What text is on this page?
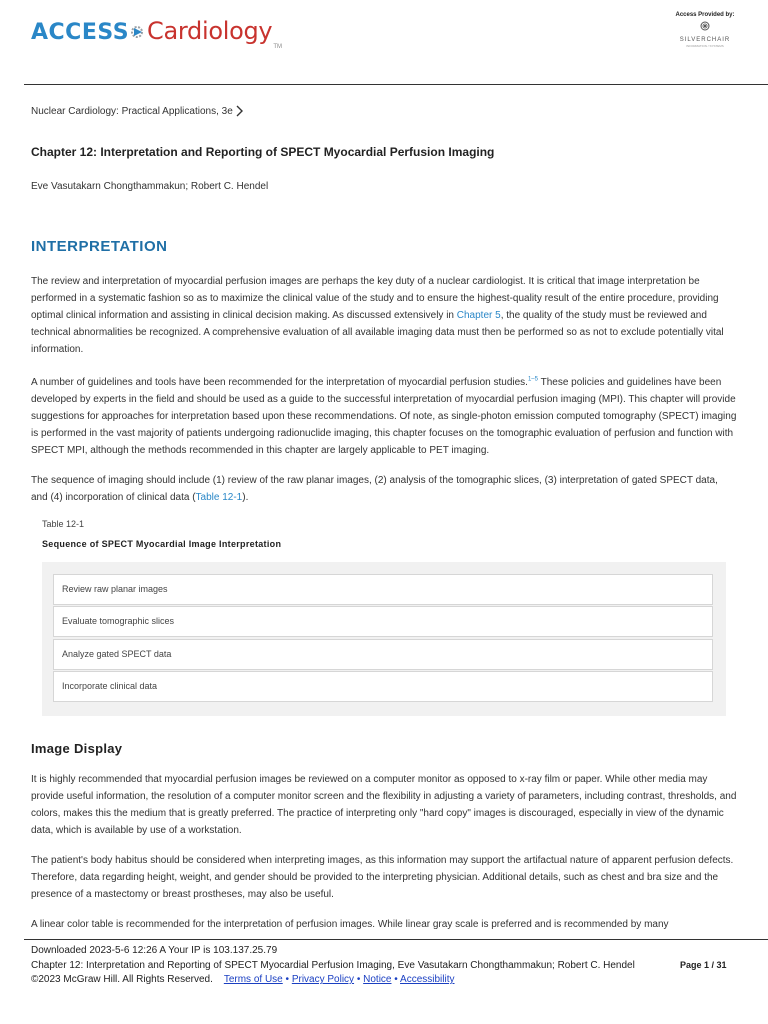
ACCESS Cardiology
TM
Access Provided by:
SILVERCHAIR
INFORMATION / SYSTEMS
Nuclear Cardiology: Practical Applications, 3e
Chapter 12: Interpretation and Reporting of SPECT Myocardial Perfusion Imaging
Eve Vasutakarn Chongthammakun; Robert C. Hendel
INTERPRETATION

The review and interpretation of myocardial perfusion images are perhaps the key duty of a nuclear cardiologist. It is critical that image interpretation be performed in a systematic fashion so as to maximize the clinical value of the study and to ensure the highest-quality result of the entire procedure, providing optimal clinical information and assisting in clinical decision making. As discussed extensively in Chapter 5, the quality of the study must be reviewed and technical abnormalities be recognized. A comprehensive evaluation of all available imaging data must then be performed so as not to exclude potentially vital information.

A number of guidelines and tools have been recommended for the interpretation of myocardial perfusion studies.$^{1-5}$ These policies and guidelines have been developed by experts in the field and should be used as a guide to the successful interpretation of myocardial perfusion imaging (MPI). This chapter will provide suggestions for approaches for interpretation based upon these recommendations. Of note, as single-photon emission computed tomography (SPECT) imaging is performed in the vast majority of patients undergoing radionuclide imaging, this chapter focuses on the tomographic evaluation of perfusion and function with SPECT MPI, although the methods recommended in this chapter are largely applicable to PET imaging.

The sequence of imaging should include (1) review of the raw planar images, (2) analysis of the tomographic slices, (3) interpretation of gated SPECT data, and (4) incorporation of clinical data (Table 12-1).

Table 12-1
Sequence of SPECT Myocardial Image Interpretation
Review raw planar images
Evaluate tomographic slices
Analyze gated SPECT data
Incorporate clinical data
Image Display

It is highly recommended that myocardial perfusion images be reviewed on a computer monitor as opposed to x-ray film or paper. While other media may provide useful information, the resolution of a computer monitor screen and the flexibility in adjusting a variety of parameters, including contrast, thresholds, and colors, makes this the medium that is greatly preferred. The practice of interpreting only "hard copy" images is discouraged, especially in view of the dynamic data, which is available by use of a workstation.

The patient's body habitus should be considered when interpreting images, as this information may support the artifactual nature of apparent perfusion defects. Therefore, data regarding height, weight, and gender should be provided to the interpreting physician. Additional details, such as chest and bra size and the presence of a mastectomy or breast prostheses, may also be useful.

A linear color table is recommended for the interpretation of perfusion images. While linear gray scale is preferred and is recommended by many

Downloaded 2023-5-6 12:26 A Your IP is 103.137.25.79
Chapter 12: Interpretation and Reporting of SPECT Myocardial Perfusion Imaging, Eve Vasutakarn Chongthammakun; Robert C. Hendel	Page 1 / 31
©2023 McGraw Hill. All Rights Reserved. Terms of Use • Privacy Policy • Notice • Accessibility
